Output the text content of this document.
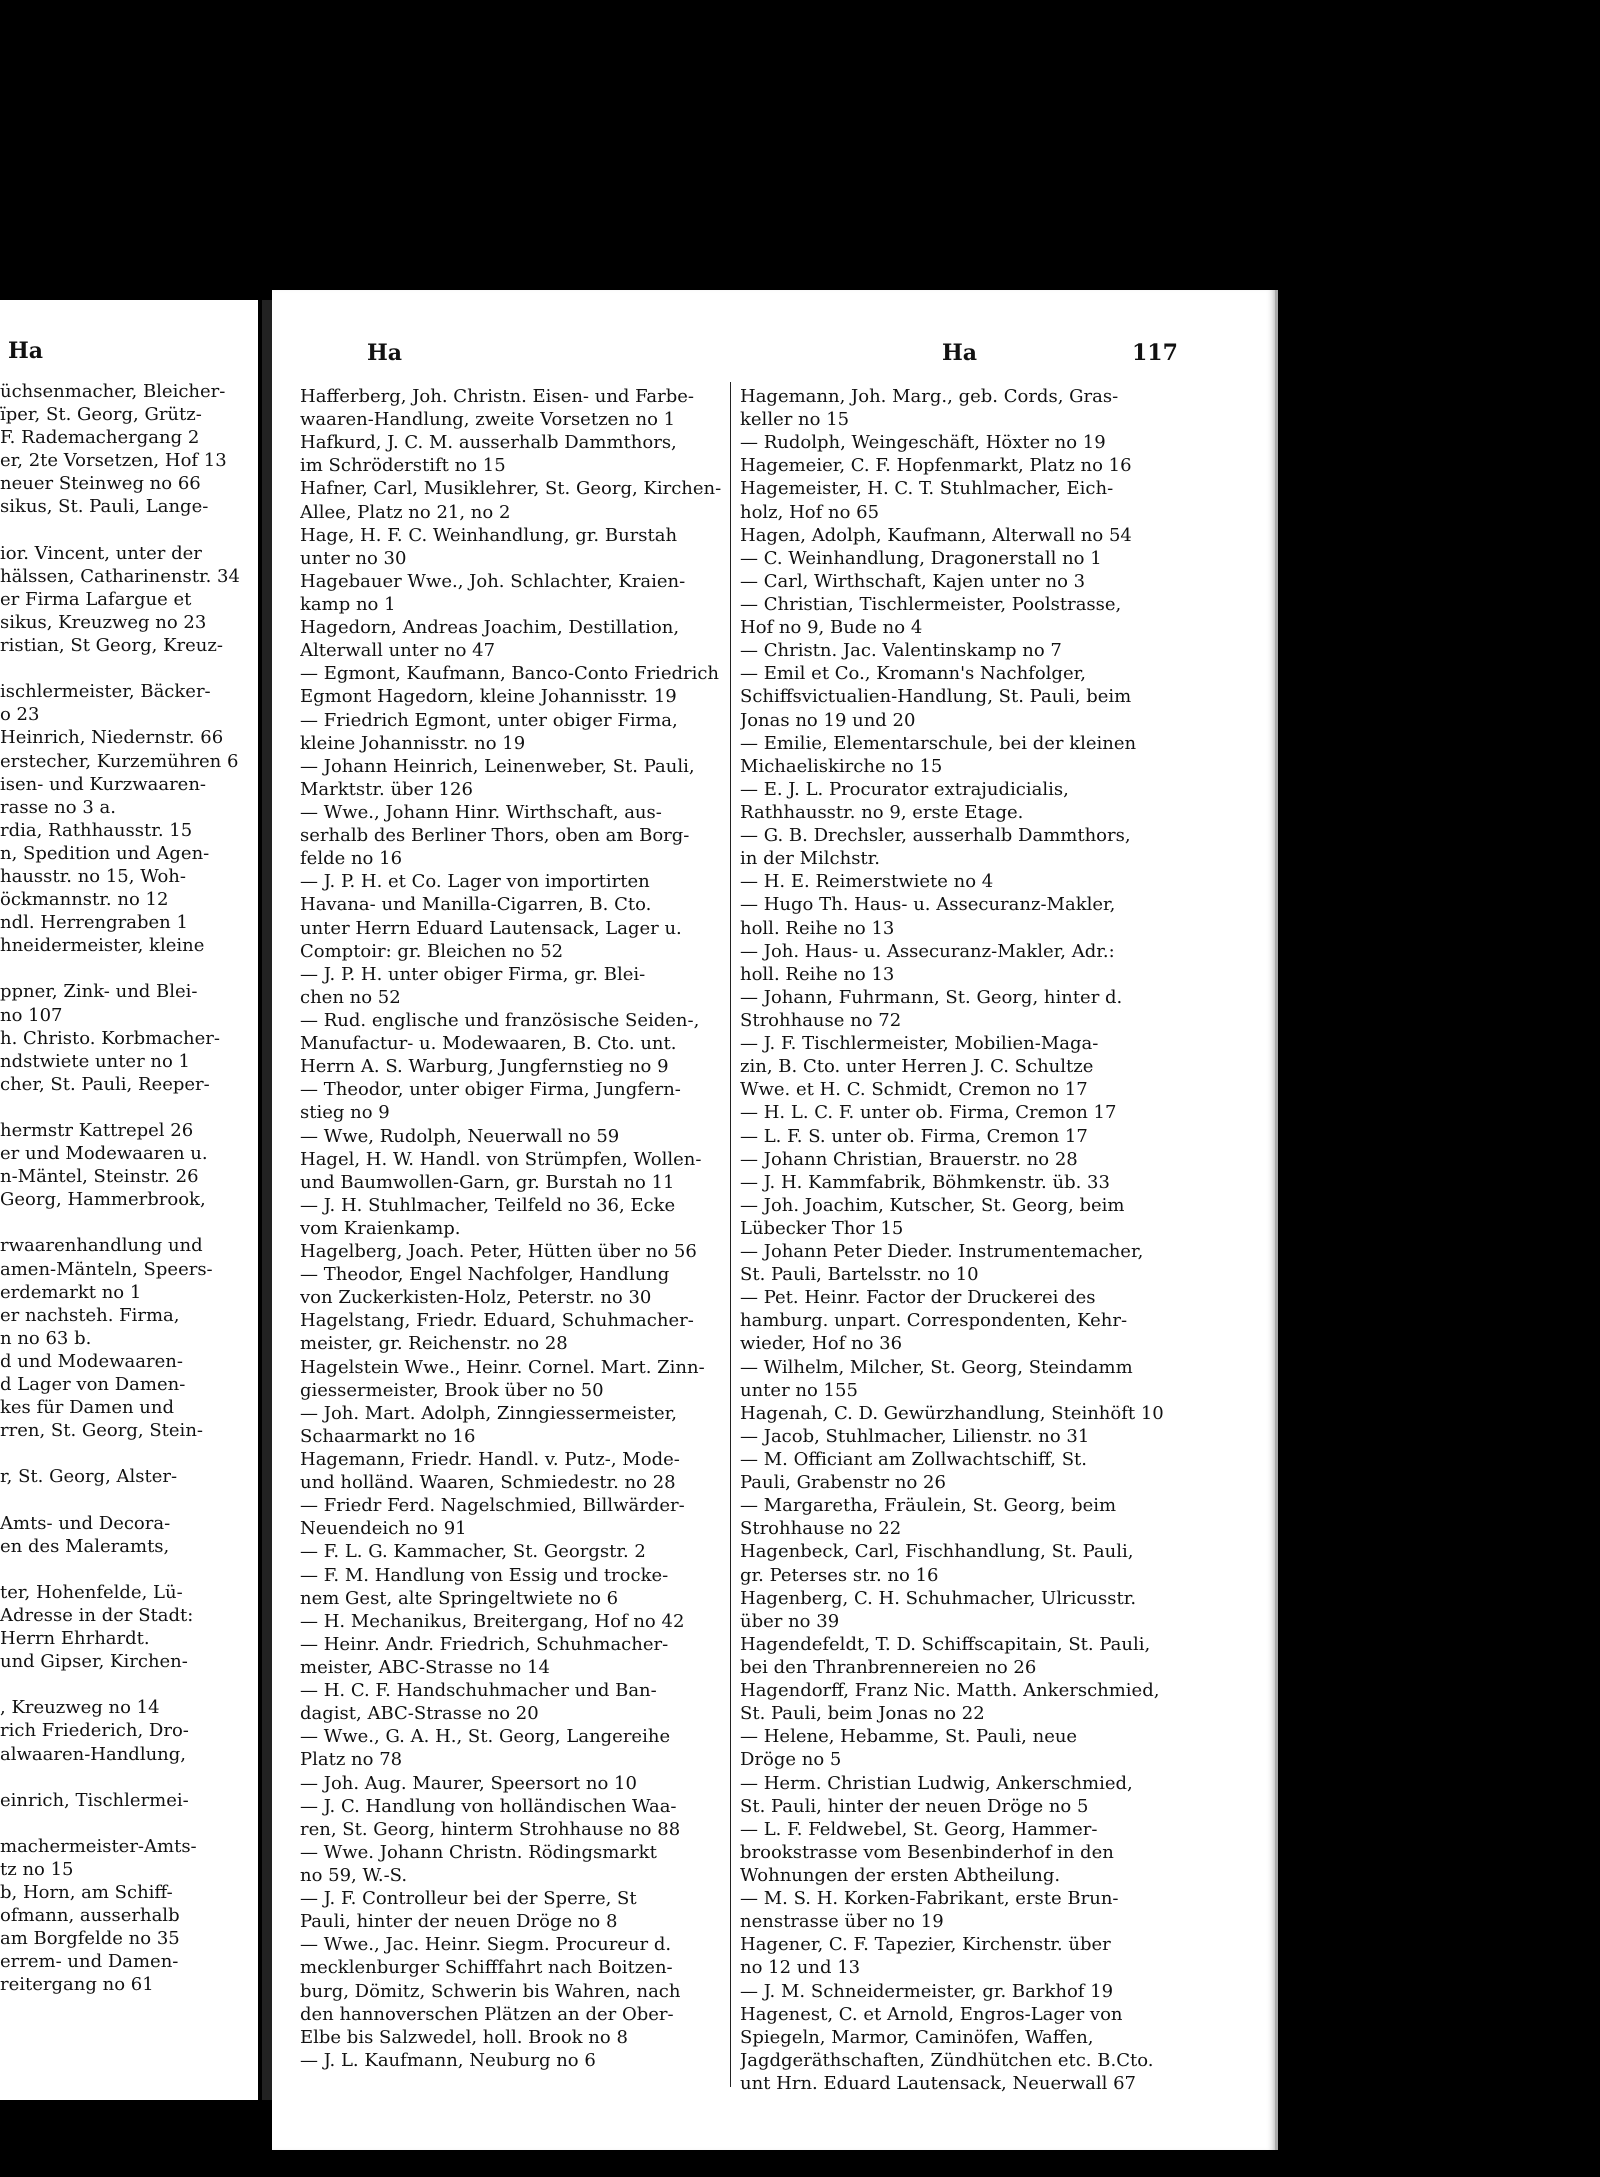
Ha
üchsenmacher, Bleicher-
ïper, St. Georg, Grütz-
F. Rademachergang 2
er, 2te Vorsetzen, Hof 13
neuer Steinweg no 66
sikus, St. Pauli, Lange-
ior. Vincent, unter der
hälssen, Catharinenstr. 34
er Firma Lafargue et
sikus, Kreuzweg no 23
ristian, St Georg, Kreuz-
ischlermeister, Bäcker-
o 23
Heinrich, Niedernstr. 66
erstecher, Kurzemühren 6
isen- und Kurzwaaren-
rasse no 3 a.
rdia, Rathhausstr. 15
n, Spedition und Agen-
hausstr. no 15, Woh-
öckmannstr. no 12
ndl. Herrengraben 1
hneidermeister, kleine
ppner, Zink- und Blei-
no 107
h. Christo. Korbmacher-
ndstwiete unter no 1
cher, St. Pauli, Reeper-
hermstr Kattrepel 26
er und Modewaaren u.
n-Mäntel, Steinstr. 26
Georg, Hammerbrook,
rwaarenhandlung und
amen-Mänteln, Speers-
erdemarkt no 1
er nachsteh. Firma,
n no 63 b.
d und Modewaaren-
d Lager von Damen-
kes für Damen und
rren, St. Georg, Stein-
r, St. Georg, Alster-
Amts- und Decora-
en des Maleramts,
ter, Hohenfelde, Lü-
Adresse in der Stadt:
Herrn Ehrhardt.
und Gipser, Kirchen-
, Kreuzweg no 14
rich Friederich, Dro-
alwaaren-Handlung,
einrich, Tischlermei-
machermeister-Amts-
tz no 15
b, Horn, am Schiff-
ofmann, ausserhalb
am Borgfelde no 35
errem- und Damen-
reitergang no 61
Ha	Ha	117
Hafferberg, Joh. Christn. Eisen- und Farbe-
waaren-Handlung, zweite Vorsetzen no 1
Hafkurd, J. C. M. ausserhalb Dammthors,
im Schröderstift no 15
Hafner, Carl, Musiklehrer, St. Georg, Kirchen-
Allee, Platz no 21, no 2
Hage, H. F. C. Weinhandlung, gr. Burstah
unter no 30
Hagebauer Wwe., Joh. Schlachter, Kraien-
kamp no 1
Hagedorn, Andreas Joachim, Destillation,
Alterwall unter no 47
— Egmont, Kaufmann, Banco-Conto Friedrich
Egmont Hagedorn, kleine Johannisstr. 19
— Friedrich Egmont, unter obiger Firma,
kleine Johannisstr. no 19
— Johann Heinrich, Leinenweber, St. Pauli,
Marktstr. über 126
— Wwe., Johann Hinr. Wirthschaft, aus-
serhalb des Berliner Thors, oben am Borg-
felde no 16
— J. P. H. et Co. Lager von importirten
Havana- und Manilla-Cigarren, B. Cto.
unter Herrn Eduard Lautensack, Lager u.
Comptoir: gr. Bleichen no 52
— J. P. H. unter obiger Firma, gr. Blei-
chen no 52
— Rud. englische und französische Seiden-,
Manufactur- u. Modewaaren, B. Cto. unt.
Herrn A. S. Warburg, Jungfernstieg no 9
— Theodor, unter obiger Firma, Jungfern-
stieg no 9
— Wwe, Rudolph, Neuerwall no 59
Hagel, H. W. Handl. von Strümpfen, Wollen-
und Baumwollen-Garn, gr. Burstah no 11
— J. H. Stuhlmacher, Teilfeld no 36, Ecke
vom Kraienkamp.
Hagelberg, Joach. Peter, Hütten über no 56
— Theodor, Engel Nachfolger, Handlung
von Zuckerkisten-Holz, Peterstr. no 30
Hagelstang, Friedr. Eduard, Schuhmacher-
meister, gr. Reichenstr. no 28
Hagelstein Wwe., Heinr. Cornel. Mart. Zinn-
giessermeister, Brook über no 50
— Joh. Mart. Adolph, Zinngiessermeister,
Schaarmarkt no 16
Hagemann, Friedr. Handl. v. Putz-, Mode-
und holländ. Waaren, Schmiedestr. no 28
— Friedr Ferd. Nagelschmied, Billwärder-
Neuendeich no 91
— F. L. G. Kammacher, St. Georgstr. 2
— F. M. Handlung von Essig und trocke-
nem Gest, alte Springeltwiete no 6
— H. Mechanikus, Breitergang, Hof no 42
— Heinr. Andr. Friedrich, Schuhmacher-
meister, ABC-Strasse no 14
— H. C. F. Handschuhmacher und Ban-
dagist, ABC-Strasse no 20
— Wwe., G. A. H., St. Georg, Langereihe
Platz no 78
— Joh. Aug. Maurer, Speersort no 10
— J. C. Handlung von holländischen Waa-
ren, St. Georg, hinterm Strohhause no 88
— Wwe. Johann Christn. Rödingsmarkt
no 59, W.-S.
— J. F. Controlleur bei der Sperre, St
Pauli, hinter der neuen Dröge no 8
— Wwe., Jac. Heinr. Siegm. Procureur d.
mecklenburger Schifffahrt nach Boitzen-
burg, Dömitz, Schwerin bis Wahren, nach
den hannoverschen Plätzen an der Ober-
Elbe bis Salzwedel, holl. Brook no 8
— J. L. Kaufmann, Neuburg no 6
Hagemann, Joh. Marg., geb. Cords, Gras-
keller no 15
— Rudolph, Weingeschäft, Höxter no 19
Hagemeier, C. F. Hopfenmarkt, Platz no 16
Hagemeister, H. C. T. Stuhlmacher, Eich-
holz, Hof no 65
Hagen, Adolph, Kaufmann, Alterwall no 54
— C. Weinhandlung, Dragonerstall no 1
— Carl, Wirthschaft, Kajen unter no 3
— Christian, Tischlermeister, Poolstrasse,
Hof no 9, Bude no 4
— Christn. Jac. Valentinskamp no 7
— Emil et Co., Kromann's Nachfolger,
Schiffsvictualien-Handlung, St. Pauli, beim
Jonas no 19 und 20
— Emilie, Elementarschule, bei der kleinen
Michaeliskirche no 15
— E. J. L. Procurator extrajudicialis,
Rathhausstr. no 9, erste Etage.
— G. B. Drechsler, ausserhalb Dammthors,
in der Milchstr.
— H. E. Reimerstwiete no 4
— Hugo Th. Haus- u. Assecuranz-Makler,
holl. Reihe no 13
— Joh. Haus- u. Assecuranz-Makler, Adr.:
holl. Reihe no 13
— Johann, Fuhrmann, St. Georg, hinter d.
Strohhause no 72
— J. F. Tischlermeister, Mobilien-Maga-
zin, B. Cto. unter Herren J. C. Schultze
Wwe. et H. C. Schmidt, Cremon no 17
— H. L. C. F. unter ob. Firma, Cremon 17
— L. F. S. unter ob. Firma, Cremon 17
— Johann Christian, Brauerstr. no 28
— J. H. Kammfabrik, Böhmkenstr. üb. 33
— Joh. Joachim, Kutscher, St. Georg, beim
Lübecker Thor 15
— Johann Peter Dieder. Instrumentemacher,
St. Pauli, Bartelsstr. no 10
— Pet. Heinr. Factor der Druckerei des
hamburg. unpart. Correspondenten, Kehr-
wieder, Hof no 36
— Wilhelm, Milcher, St. Georg, Steindamm
unter no 155
Hagenah, C. D. Gewürzhandlung, Steinhöft 10
— Jacob, Stuhlmacher, Lilienstr. no 31
— M. Officiant am Zollwachtschiff, St.
Pauli, Grabenstr no 26
— Margaretha, Fräulein, St. Georg, beim
Strohhause no 22
Hagenbeck, Carl, Fischhandlung, St. Pauli,
gr. Peterses str. no 16
Hagenberg, C. H. Schuhmacher, Ulricusstr.
über no 39
Hagendefeldt, T. D. Schiffscapitain, St. Pauli,
bei den Thranbrennereien no 26
Hagendorff, Franz Nic. Matth. Ankerschmied,
St. Pauli, beim Jonas no 22
— Helene, Hebamme, St. Pauli, neue
Dröge no 5
— Herm. Christian Ludwig, Ankerschmied,
St. Pauli, hinter der neuen Dröge no 5
— L. F. Feldwebel, St. Georg, Hammer-
brookstrasse vom Besenbinderhof in den
Wohnungen der ersten Abtheilung.
— M. S. H. Korken-Fabrikant, erste Brun-
nenstrasse über no 19
Hagener, C. F. Tapezier, Kirchenstr. über
no 12 und 13
— J. M. Schneidermeister, gr. Barkhof 19
Hagenest, C. et Arnold, Engros-Lager von
Spiegeln, Marmor, Caminöfen, Waffen,
Jagdgeräthschaften, Zündhütchen etc. B.Cto.
unt Hrn. Eduard Lautensack, Neuerwall 67
